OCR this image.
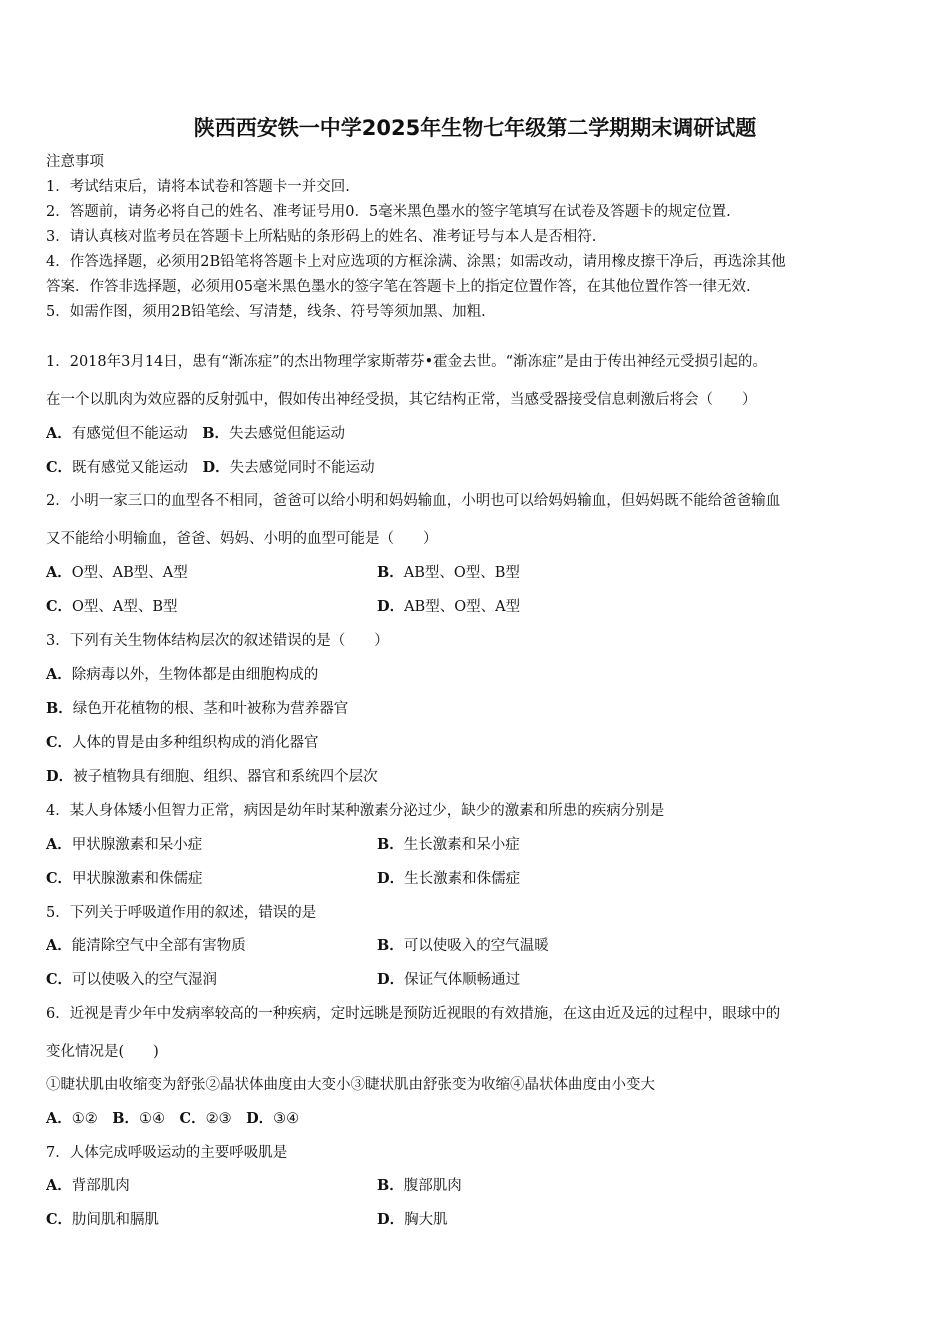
陕西西安铁一中学2025年生物七年级第二学期期末调研试题
注意事项
1．考试结束后，请将本试卷和答题卡一并交回.
2．答题前，请务必将自己的姓名、准考证号用0．5毫米黑色墨水的签字笔填写在试卷及答题卡的规定位置.
3．请认真核对监考员在答题卡上所粘贴的条形码上的姓名、准考证号与本人是否相符.
4．作答选择题，必须用2B铅笔将答题卡上对应选项的方框涂满、涂黑；如需改动，请用橡皮擦干净后，再选涂其他
答案．作答非选择题，必须用05毫米黑色墨水的签字笔在答题卡上的指定位置作答，在其他位置作答一律无效.
5．如需作图，须用2B铅笔绘、写清楚，线条、符号等须加黑、加粗.
1．2018年3月14日，患有“渐冻症”的杰出物理学家斯蒂芬•霍金去世。“渐冻症”是由于传出神经元受损引起的。
在一个以肌肉为效应器的反射弧中，假如传出神经受损，其它结构正常，当感受器接受信息刺激后将会（　　）
A．有感觉但不能运动　 B．失去感觉但能运动
C．既有感觉又能运动　 D．失去感觉同时不能运动
2．小明一家三口的血型各不相同，爸爸可以给小明和妈妈输血，小明也可以给妈妈输血，但妈妈既不能给爸爸输血
又不能给小明输血，爸爸、妈妈、小明的血型可能是（　　）
A．O型、AB型、A型	B．AB型、O型、B型
C．O型、A型、B型	D．AB型、O型、A型
3．下列有关生物体结构层次的叙述错误的是（　　）
A．除病毒以外，生物体都是由细胞构成的
B．绿色开花植物的根、茎和叶被称为营养器官
C．人体的胃是由多种组织构成的消化器官
D．被子植物具有细胞、组织、器官和系统四个层次
4．某人身体矮小但智力正常，病因是幼年时某种激素分泌过少，缺少的激素和所患的疾病分别是
A．甲状腺激素和呆小症	B．生长激素和呆小症
C．甲状腺激素和侏儒症	D．生长激素和侏儒症
5．下列关于呼吸道作用的叙述，错误的是
A．能清除空气中全部有害物质	B．可以使吸入的空气温暖
C．可以使吸入的空气湿润	D．保证气体顺畅通过
6．近视是青少年中发病率较高的一种疾病，定时远眺是预防近视眼的有效措施，在这由近及远的过程中，眼球中的
变化情况是(　　)
①睫状肌由收缩变为舒张②晶状体曲度由大变小③睫状肌由舒张变为收缩④晶状体曲度由小变大
A．①②　 B．①④　 C．②③　 D．③④
7．人体完成呼吸运动的主要呼吸肌是
A．背部肌肉	B．腹部肌肉
C．肋间肌和膈肌	D．胸大肌
